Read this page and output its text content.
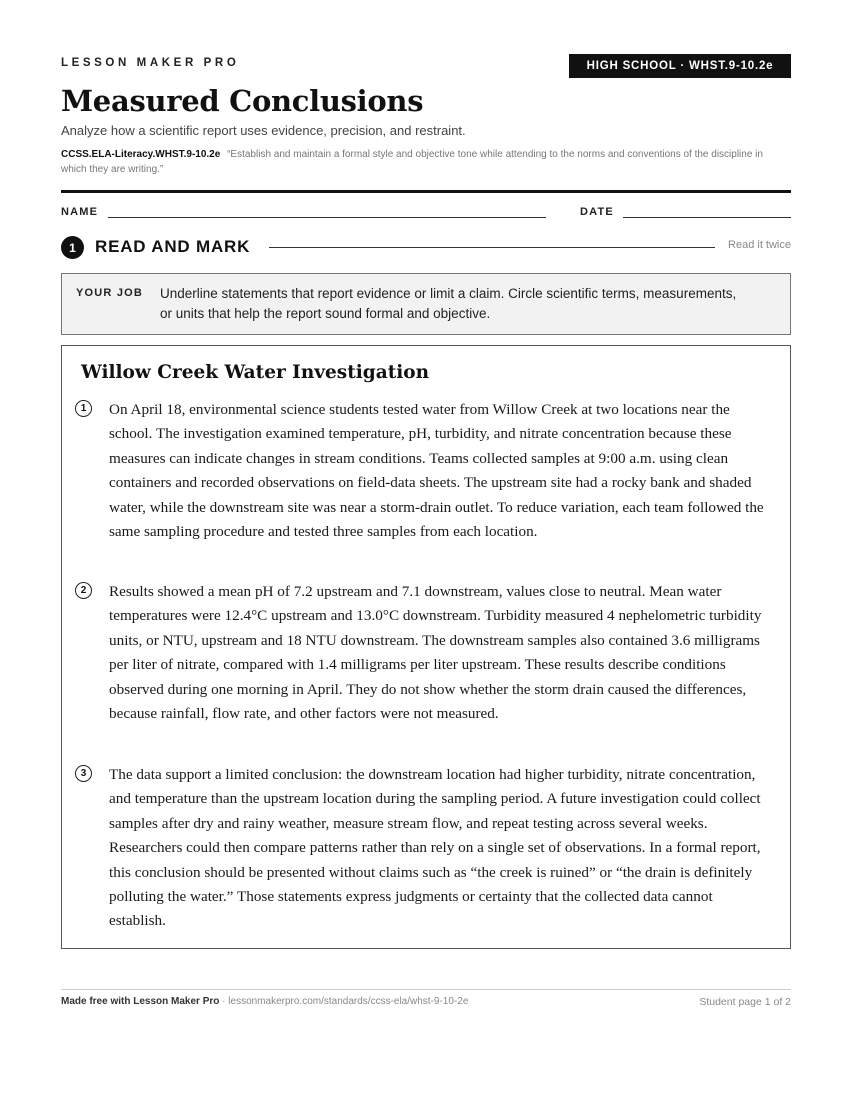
LESSON MAKER PRO	HIGH SCHOOL · WHST.9-10.2e
Measured Conclusions
Analyze how a scientific report uses evidence, precision, and restraint.
CCSS.ELA-Literacy.WHST.9-10.2e “Establish and maintain a formal style and objective tone while attending to the norms and conventions of the discipline in which they are writing.”
NAME	DATE
1	READ AND MARK	Read it twice
YOUR JOB Underline statements that report evidence or limit a claim. Circle scientific terms, measurements, or units that help the report sound formal and objective.
Willow Creek Water Investigation
1	On April 18, environmental science students tested water from Willow Creek at two locations near the school. The investigation examined temperature, pH, turbidity, and nitrate concentration because these measures can indicate changes in stream conditions. Teams collected samples at 9:00 a.m. using clean containers and recorded observations on field-data sheets. The upstream site had a rocky bank and shaded water, while the downstream site was near a storm-drain outlet. To reduce variation, each team followed the same sampling procedure and tested three samples from each location.

2	Results showed a mean pH of 7.2 upstream and 7.1 downstream, values close to neutral. Mean water temperatures were 12.4°C upstream and 13.0°C downstream. Turbidity measured 4 nephelometric turbidity units, or NTU, upstream and 18 NTU downstream. The downstream samples also contained 3.6 milligrams per liter of nitrate, compared with 1.4 milligrams per liter upstream. These results describe conditions observed during one morning in April. They do not show whether the storm drain caused the differences, because rainfall, flow rate, and other factors were not measured.

3	The data support a limited conclusion: the downstream location had higher turbidity, nitrate concentration, and temperature than the upstream location during the sampling period. A future investigation could collect samples after dry and rainy weather, measure stream flow, and repeat testing across several weeks. Researchers could then compare patterns rather than rely on a single set of observations. In a formal report, this conclusion should be presented without claims such as “the creek is ruined” or “the drain is definitely polluting the water.” Those statements express judgments or certainty that the collected data cannot establish.

Made free with Lesson Maker Pro · lessonmakerpro.com/standards/ccss-ela/whst-9-10-2e	Student page 1 of 2
